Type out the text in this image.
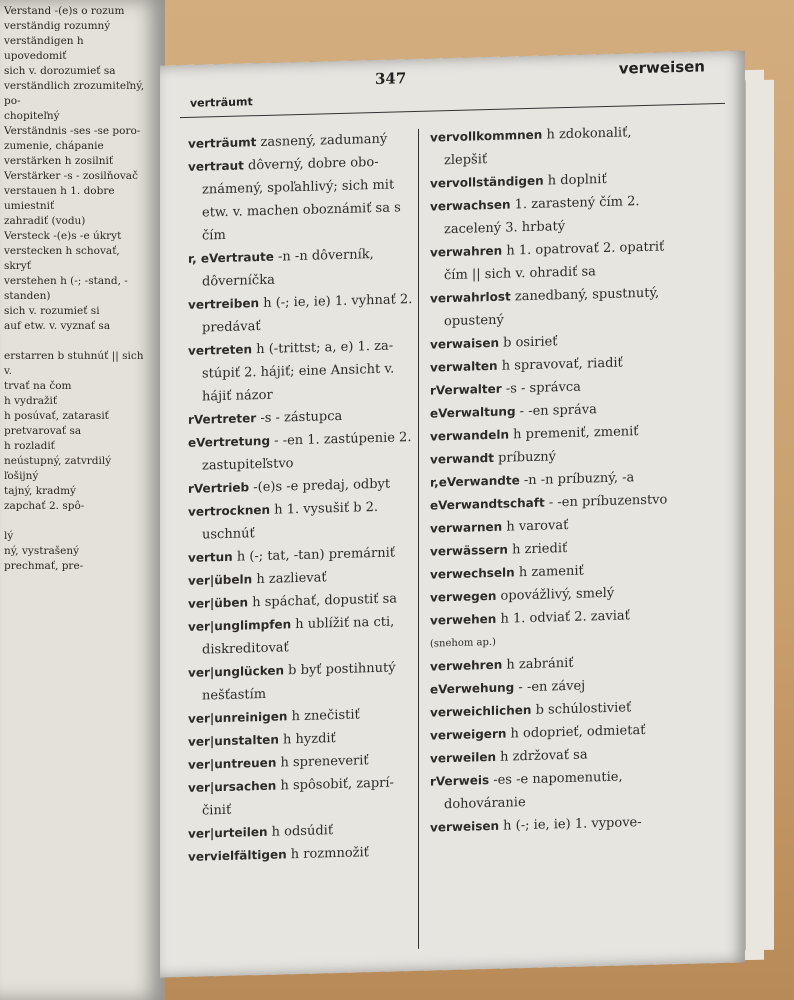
Verstand -(e)s o rozum
verständig rozumný
verständigen h upovedomiť
sich v. dorozumieť sa
verständlich zrozumiteľný, po-
chopiteľný
Verständnis -ses -se poro-
zumenie, chápanie
verstärken h zosilniť
Verstärker -s - zosilňovač
verstauen h 1. dobre umiestniť
zahradiť (vodu)
Versteck -(e)s -e úkryt
verstecken h schovať, skryť
verstehen h (-; -stand, -standen)
sich v. rozumieť si
auf etw. v. vyznať sa

erstarren b stuhnúť || sich v.
trvať na čom
h vydražiť
h posúvať, zatarasiť
pretvarovať sa
h rozladiť
neústupný, zatvrdilý
ľošijný
tajný, kradmý
zapchať 2. spô-

lý
ný, vystrašený
prechmať, pre-
347
verträumt
verweisen
verträumt zasnený, zadumaný
vertraut dôverný, dobre oboznámený, spoľahlivý; sich mit etw. v. machen oboznámiť sa s čím
r, eVertraute -n -n dôverník, dôverníčka
vertreiben h (-; ie, ie) 1. vyhnať 2. predávať
vertreten h (-trittst; a, e) 1. zastúpiť 2. hájiť; eine Ansicht v. hájiť názor
rVertreter -s - zástupca
eVertretung - -en 1. zastúpenie 2. zastupiteľstvo
rVertrieb -(e)s -e predaj, odbyt
vertrocknen h 1. vysušiť b 2. uschnúť
vertun h (-; tat, -tan) premárniť
ver|übeln h zazlievať
ver|üben h spáchať, dopustiť sa
ver|unglimpfen h ublížiť na cti, diskreditovať
ver|unglücken b byť postihnutý nešťastím
ver|unreinigen h znečistiť
ver|unstalten h hyzdiť
ver|untreuen h spreneveriť
ver|ursachen h spôsobiť, zapríčiniť
ver|urteilen h odsúdiť
vervielfältigen h rozmnožiť
vervollkommnen h zdokonaliť, zlepšiť
vervollständigen h doplniť
verwachsen 1. zarastený čím 2. zacelený 3. hrbatý
verwahren h 1. opatrovať 2. opatriť čím || sich v. ohradiť sa
verwahrlost zanedbaný, spustnutý, opustený
verwaisen b osirieť
verwalten h spravovať, riadiť
rVerwalter -s - správca
eVerwaltung - -en správa
verwandeln h premeniť, zmeniť
verwandt príbuzný
r,eVerwandte -n -n príbuzný, -a
eVerwandtschaft - -en príbuzenstvo
verwarnen h varovať
verwässern h zriediť
verwechseln h zameniť
verwegen opovážlivý, smelý
verwehen h 1. odviať 2. zaviať
(snehom ap.)
verwehren h zabrániť
eVerwehung - -en závej
verweichlichen b schúlostivieť
verweigern h odoprieť, odmietať
verweilen h zdržovať sa
rVerweis -es -e napomenutie, dohováranie
verweisen h (-; ie, ie) 1. vypove-
